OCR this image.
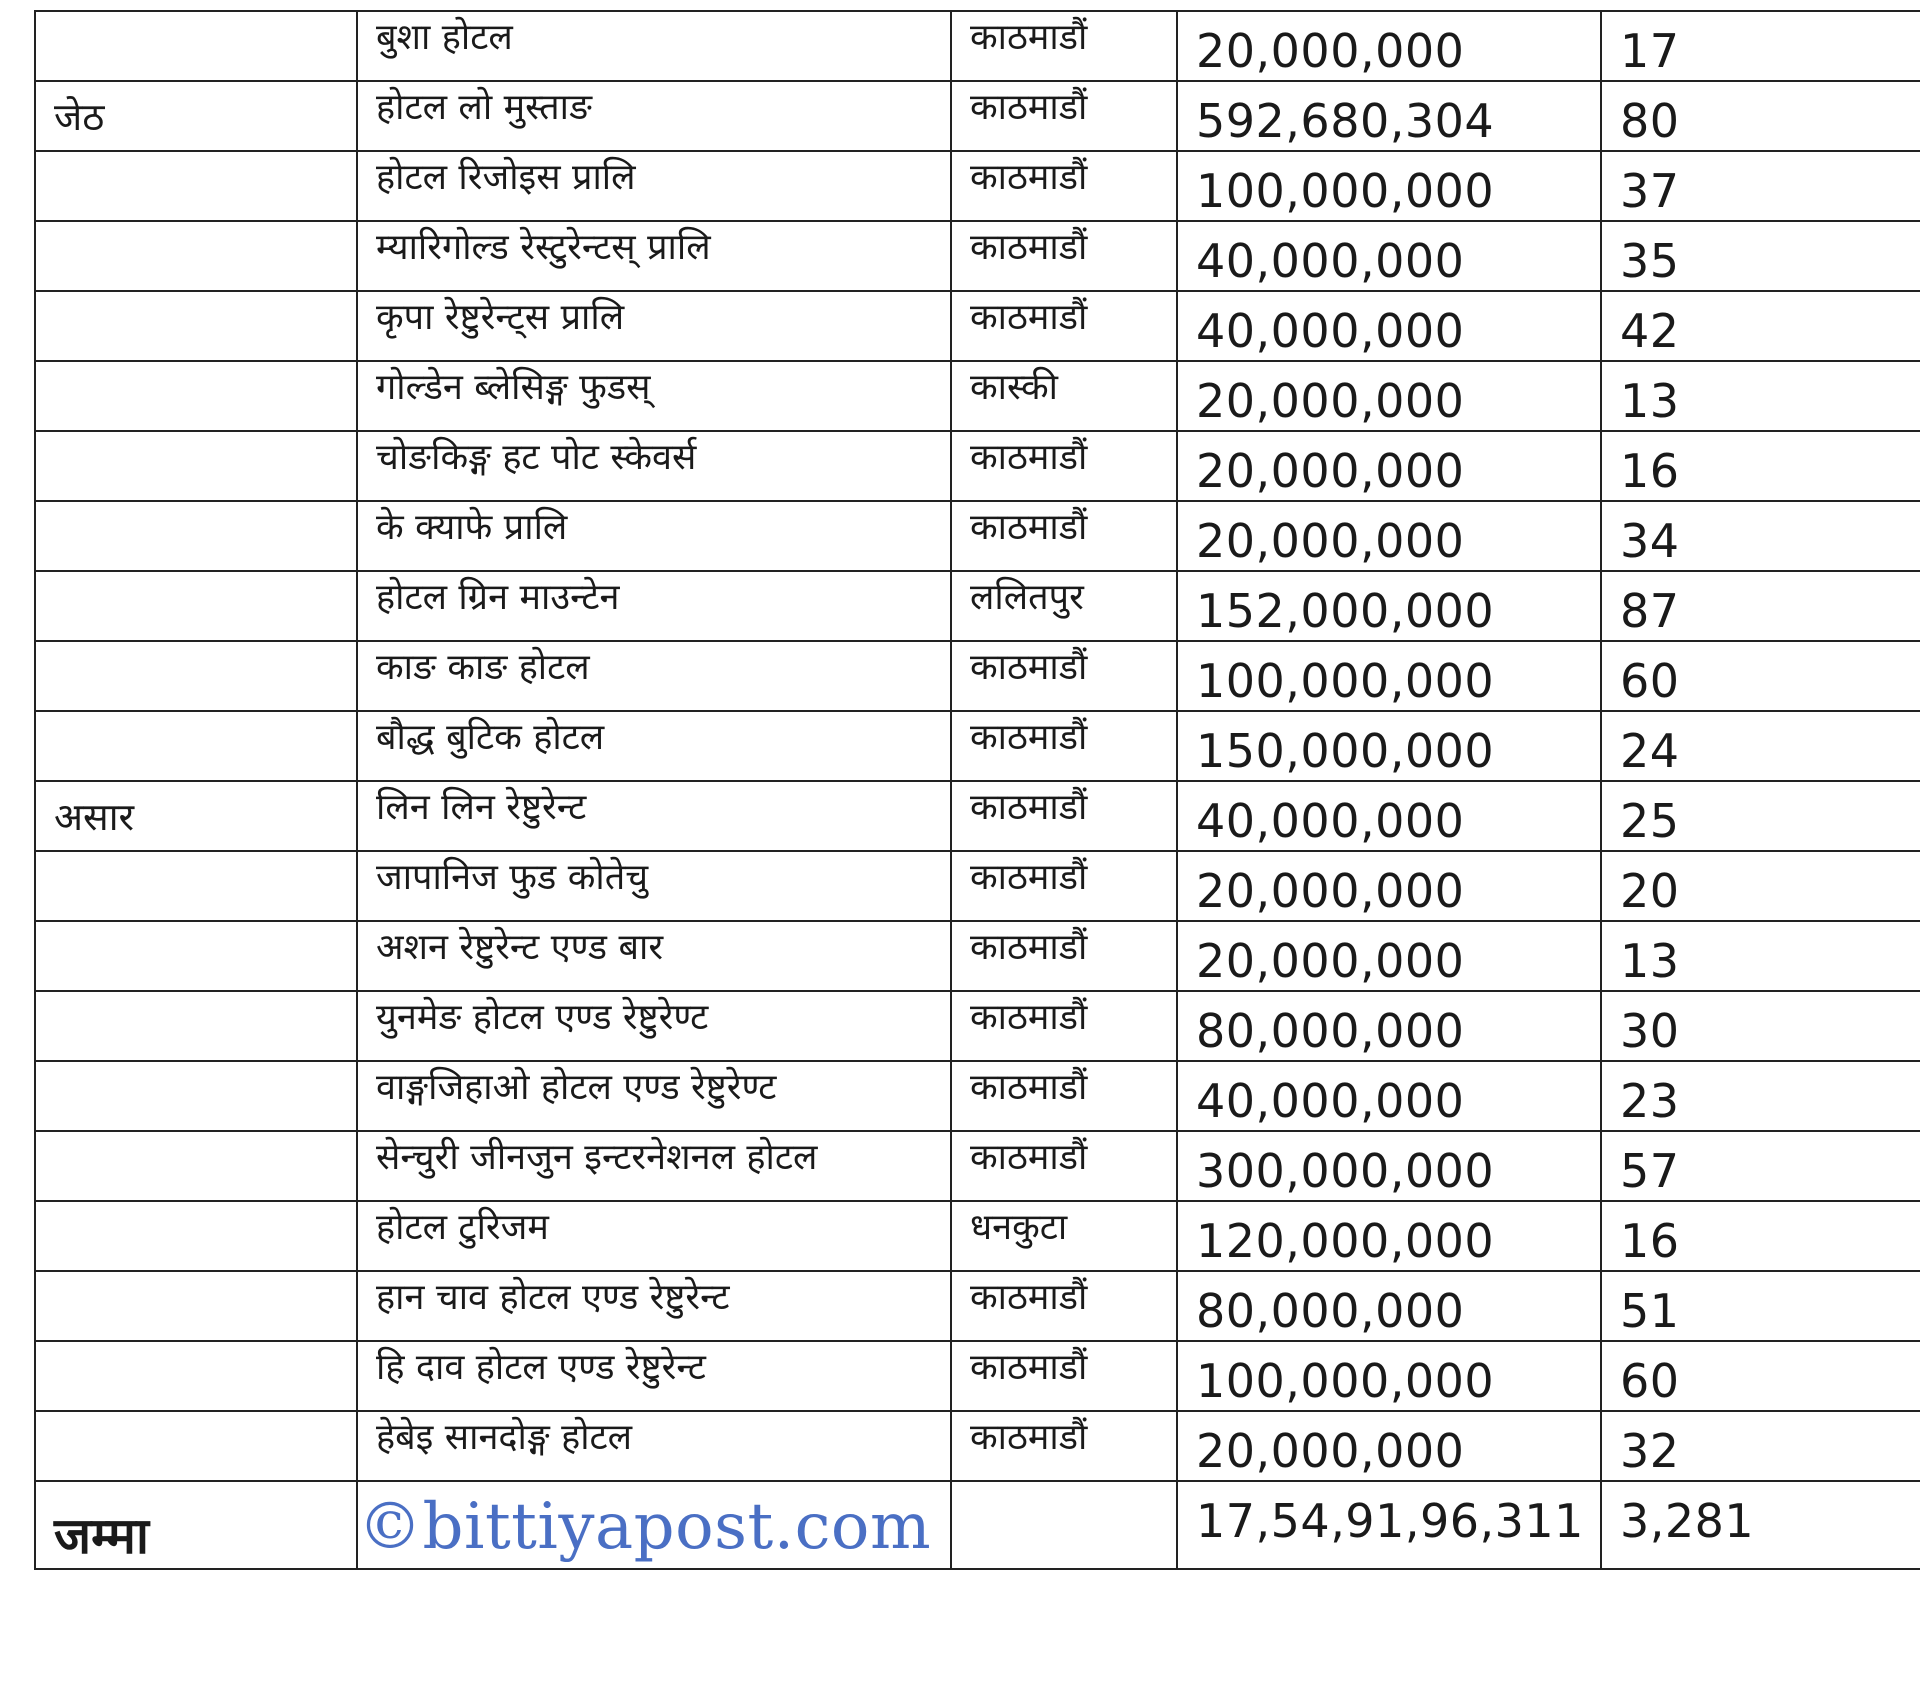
	बुशा होटल	काठमाडौं	20,000,000	17

जेठ	होटल लो मुस्ताङ	काठमाडौं	592,680,304	80

	होटल रिजोइस प्रालि	काठमाडौं	100,000,000	37

	म्यारिगोल्ड रेस्टुरेन्टस् प्रालि	काठमाडौं	40,000,000	35

	कृपा रेष्टुरेन्ट्स प्रालि	काठमाडौं	40,000,000	42

	गोल्डेन ब्लेसिङ्ग फुडस्	कास्की	20,000,000	13

	चोङकिङ्ग हट पोट स्केवर्स	काठमाडौं	20,000,000	16

	के क्याफे प्रालि	काठमाडौं	20,000,000	34

	होटल ग्रिन माउन्टेन	ललितपुर	152,000,000	87

	काङ काङ होटल	काठमाडौं	100,000,000	60

	बौद्ध बुटिक होटल	काठमाडौं	150,000,000	24

असार	लिन लिन रेष्टुरेन्ट	काठमाडौं	40,000,000	25

	जापानिज फुड कोतेचु	काठमाडौं	20,000,000	20

	अशन रेष्टुरेन्ट एण्ड बार	काठमाडौं	20,000,000	13

	युनमेङ होटल एण्ड रेष्टुरेण्ट	काठमाडौं	80,000,000	30

	वाङ्गजिहाओ होटल एण्ड रेष्टुरेण्ट	काठमाडौं	40,000,000	23

	सेन्चुरी जीनजुन इन्टरनेशनल होटल	काठमाडौं	300,000,000	57

	होटल टुरिजम	धनकुटा	120,000,000	16

	हान चाव होटल एण्ड रेष्टुरेन्ट	काठमाडौं	80,000,000	51

	हि दाव होटल एण्ड रेष्टुरेन्ट	काठमाडौं	100,000,000	60

	हेबेइ सानदोङ्ग होटल	काठमाडौं	20,000,000	32

जम्मा	©bittiyapost.com		17,54,91,96,311	3,281
